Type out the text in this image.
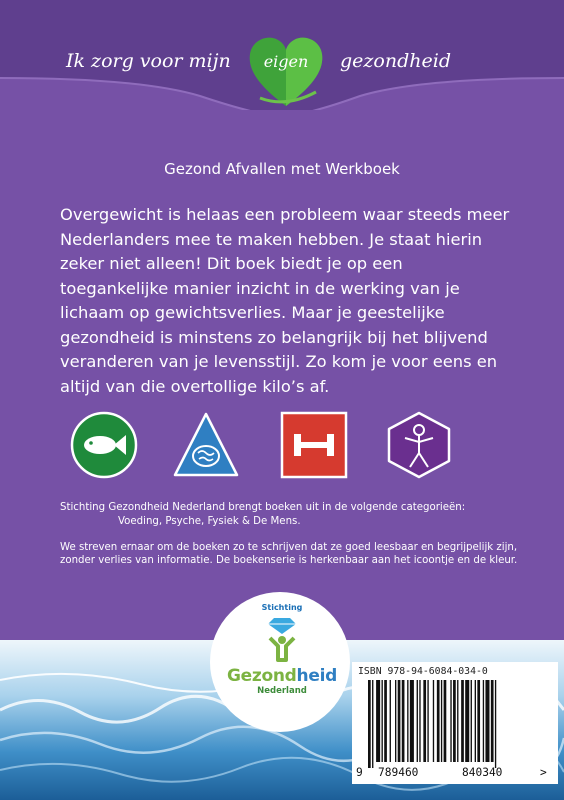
Ik zorg voor mijn	eigen	gezondheid
Gezond Afvallen met Werkboek

Overgewicht is helaas een probleem waar steeds meer Nederlanders mee te maken hebben. Je staat hierin zeker niet alleen! Dit boek biedt je op een toegankelijke manier inzicht in de werking van je lichaam op gewichtsverlies. Maar je geestelijke gezondheid is minstens zo belangrijk bij het blijvend veranderen van je levensstijl. Zo kom je voor eens en altijd van die overtollige kilo’s af.

Stichting Gezondheid Nederland brengt boeken uit in de volgende categorieën:

Voeding, Psyche, Fysiek & De Mens.

We streven ernaar om de boeken zo te schrijven dat ze goed leesbaar en begrijpelijk zijn, zonder verlies van informatie. De boekenserie is herkenbaar aan het icoontje en de kleur.

Stichting
Gezondheid
Nederland
ISBN 978-94-6084-034-0
9 789460	840340	>
